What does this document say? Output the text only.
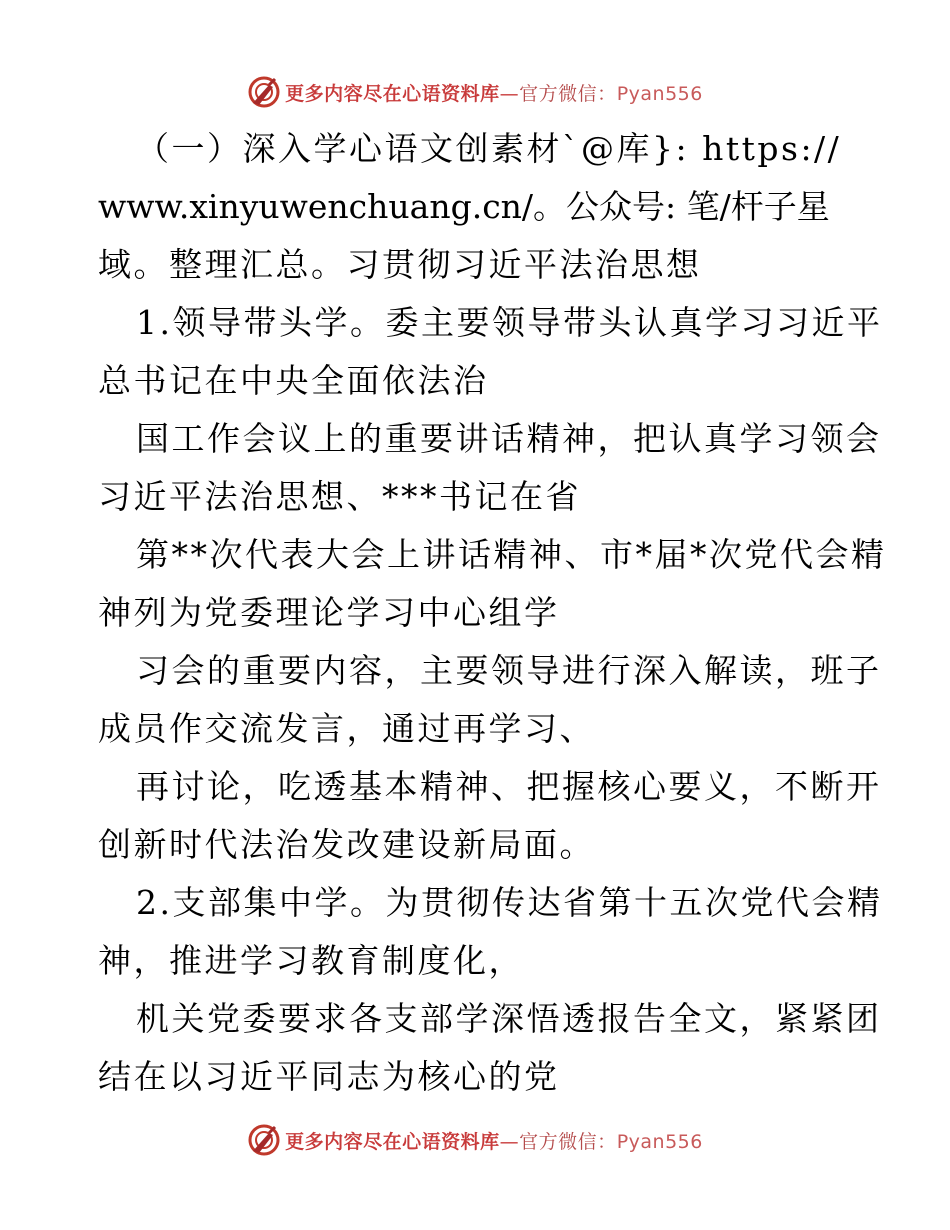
更多内容尽在心语资料库—官方微信：Pyan556
（一）深入学心语文创素材`@库}: https://
www.xinyuwenchuang.cn/。公众号: 笔/杆子星
域。整理汇总。习贯彻习近平法治思想
1.领导带头学。委主要领导带头认真学习习近平
总书记在中央全面依法治
国工作会议上的重要讲话精神，把认真学习领会
习近平法治思想、***书记在省
第**次代表大会上讲话精神、市*届*次党代会精
神列为党委理论学习中心组学
习会的重要内容，主要领导进行深入解读，班子
成员作交流发言，通过再学习、
再讨论，吃透基本精神、把握核心要义，不断开
创新时代法治发改建设新局面。
2.支部集中学。为贯彻传达省第十五次党代会精
神，推进学习教育制度化，
机关党委要求各支部学深悟透报告全文，紧紧团
结在以习近平同志为核心的党
更多内容尽在心语资料库—官方微信：Pyan556
